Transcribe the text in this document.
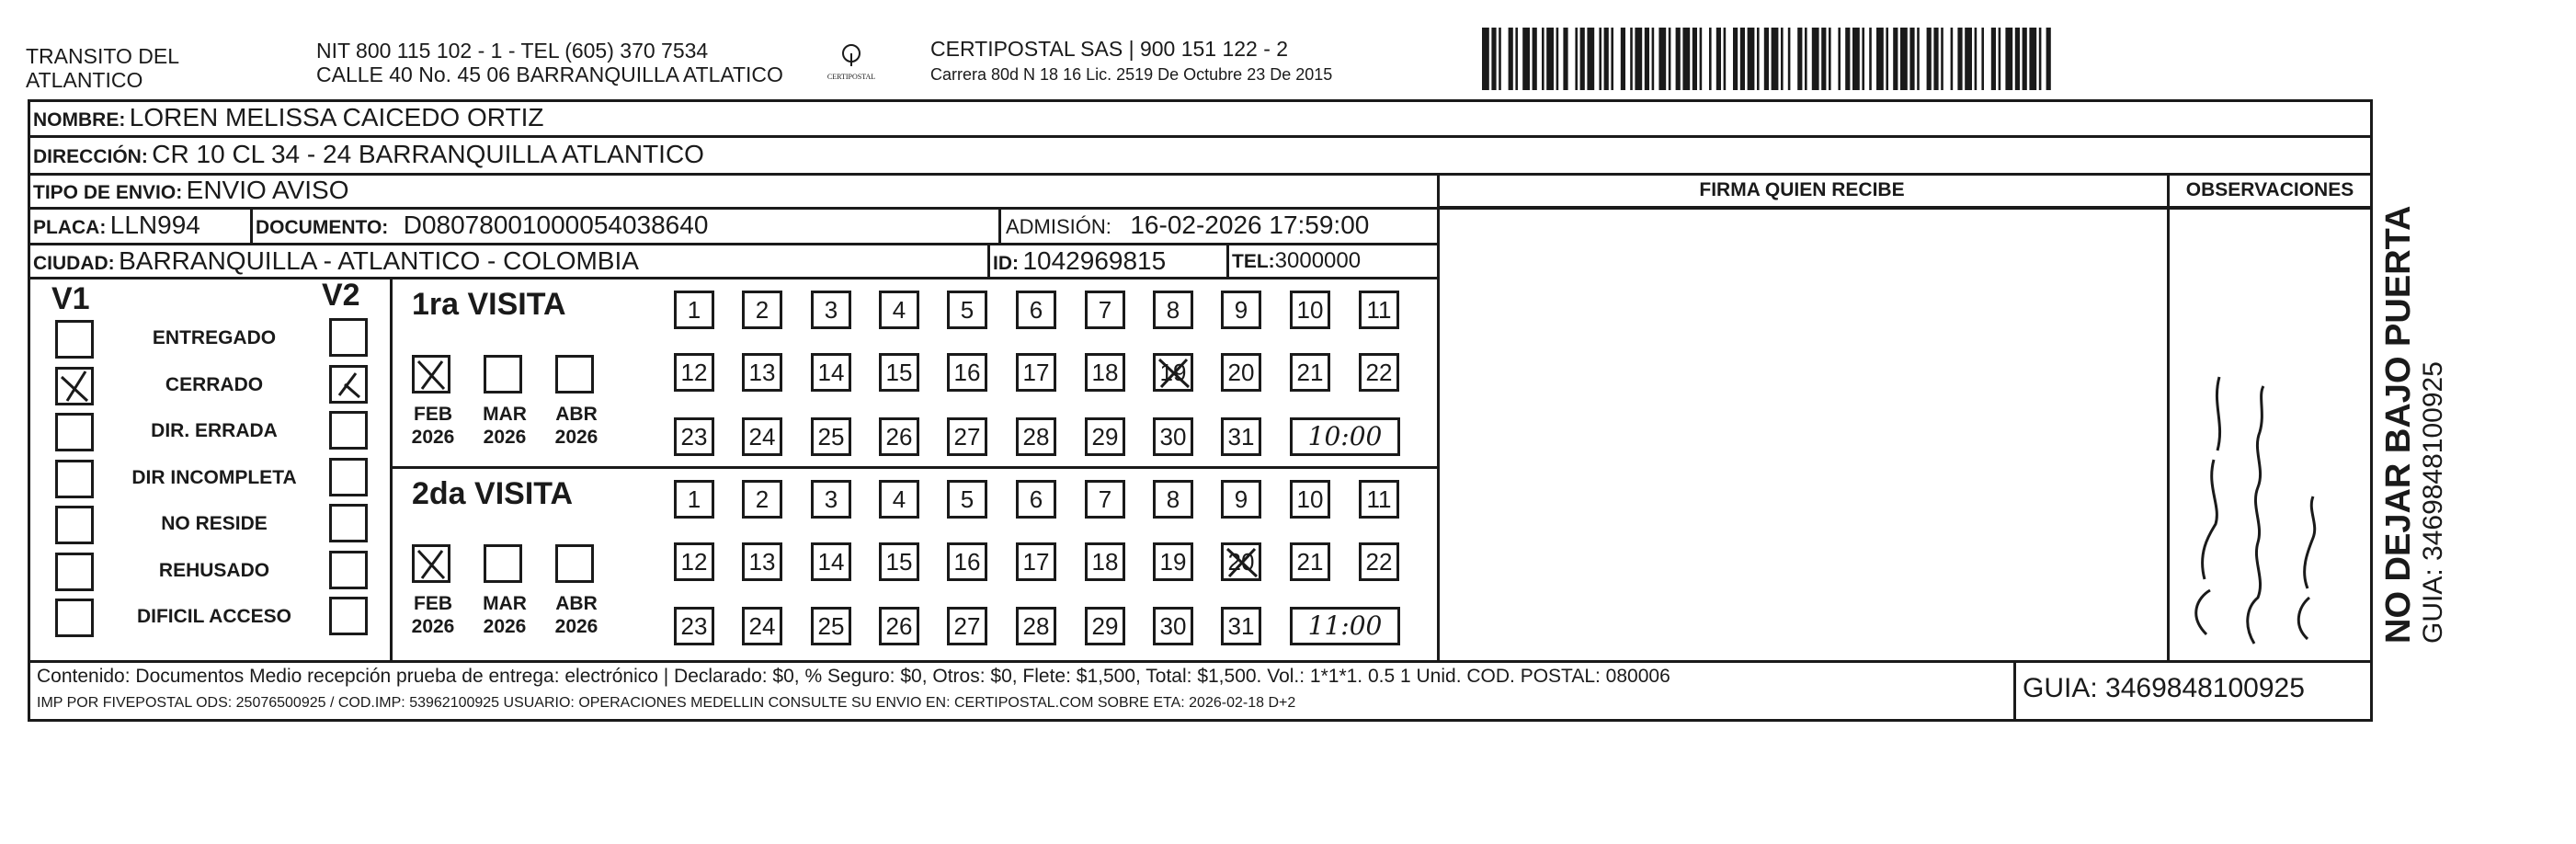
TRANSITO DEL
ATLANTICO
NIT 800 115 102 - 1 - TEL (605) 370 7534
CALLE 40 No. 45 06 BARRANQUILLA ATLATICO	CERTIPOSTAL
CERTIPOSTAL SAS | 900 151 122 - 2
Carrera 80d N 18 16 Lic. 2519 De Octubre 23 De 2015
NOMBRE: LOREN MELISSA CAICEDO ORTIZ
DIRECCIÓN: CR 10 CL 34 - 24 BARRANQUILLA ATLANTICO
TIPO DE ENVIO: ENVIO AVISO	FIRMA QUIEN RECIBE	OBSERVACIONES
PLACA: LLN994	DOCUMENTO: D08078001000054038640	ADMISIÓN: 16-02-2026 17:59:00
CIUDAD: BARRANQUILLA - ATLANTICO - COLOMBIA	ID: 1042969815	TEL:3000000
V1	V2
ENTREGADO
CERRADO
DIR. ERRADA
DIR INCOMPLETA
NO RESIDE
REHUSADO
DIFICIL ACCESO
1ra VISITA
FEB
2026
MAR
2026
ABR
2026
1	2	3	4	5	6	7	8	9	10	11
12 13 14 15 16 17 18 19 20 21 22
23 24 25 26 27 28 29 30 31	10:00
2da VISITA
FEB
2026
MAR
2026
ABR
2026
1	2	3	4	5	6	7	8	9	10	11
12 13 14 15 16 17 18 19 20 21 22
23 24 25 26 27 28 29 30 31	11:00
Contenido: Documentos Medio recepción prueba de entrega: electrónico | Declarado: $0, % Seguro: $0, Otros: $0, Flete: $1,500, Total: $1,500. Vol.: 1*1*1. 0.5 1 Unid. COD. POSTAL: 080006
IMP POR FIVEPOSTAL ODS: 25076500925 / COD.IMP: 53962100925 USUARIO: OPERACIONES MEDELLIN CONSULTE SU ENVIO EN: CERTIPOSTAL.COM SOBRE ETA: 2026-02-18 D+2	GUIA: 3469848100925
NO DEJAR BAJO PUERTA GUIA: 3469848100925
